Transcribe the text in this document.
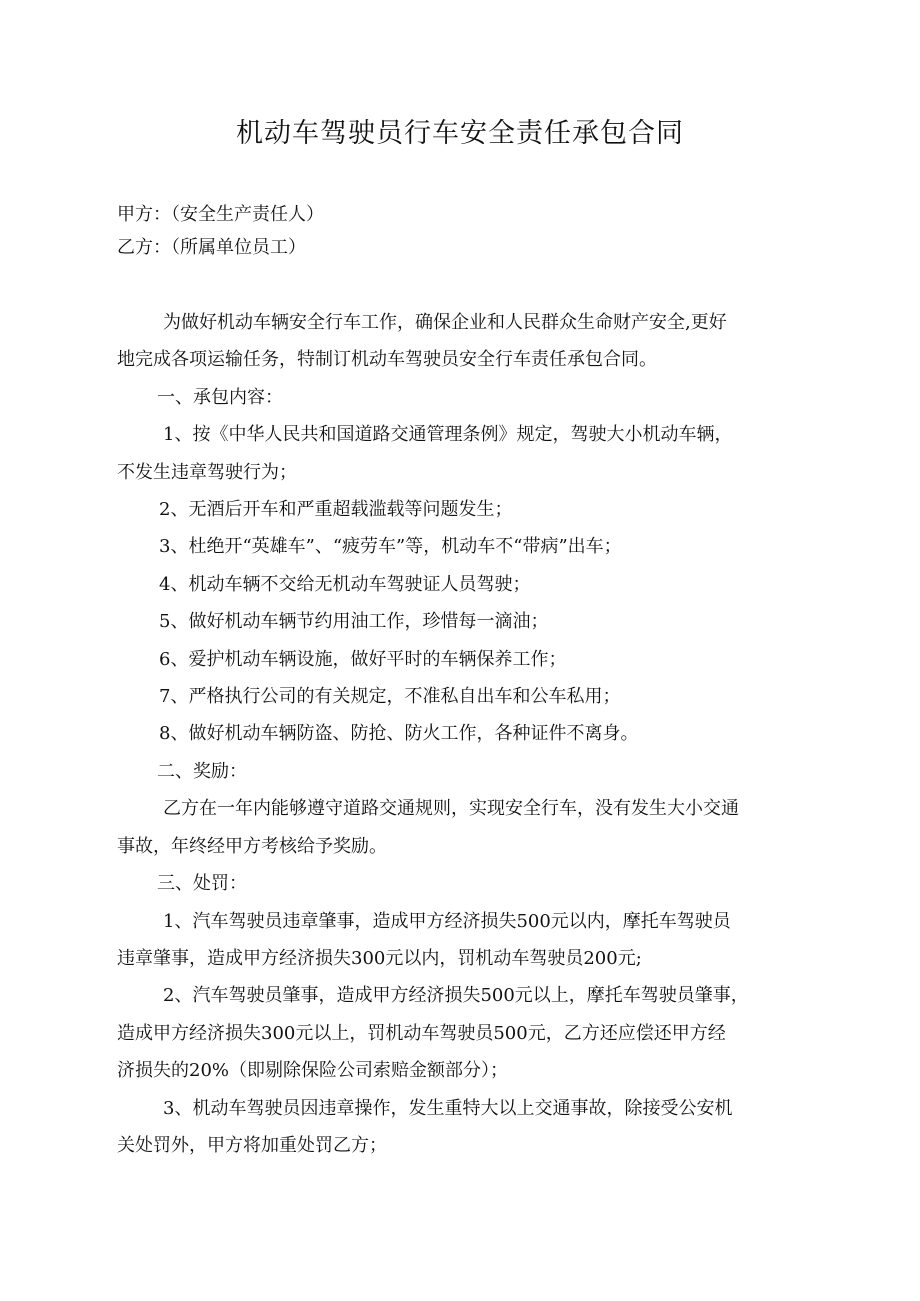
机动车驾驶员行车安全责任承包合同

甲方：（安全生产责任人）

乙方：（所属单位员工）

为做好机动车辆安全行车工作，确保企业和人民群众生命财产安全,更好

地完成各项运输任务，特制订机动车驾驶员安全行车责任承包合同。

一、承包内容：

1、按《中华人民共和国道路交通管理条例》规定，驾驶大小机动车辆，

不发生违章驾驶行为；

2、无酒后开车和严重超载滥载等问题发生；

3、杜绝开“英雄车”、“疲劳车”等，机动车不“带病”出车；

4、机动车辆不交给无机动车驾驶证人员驾驶；

5、做好机动车辆节约用油工作，珍惜每一滴油；

6、爱护机动车辆设施，做好平时的车辆保养工作；

7、严格执行公司的有关规定，不准私自出车和公车私用；

8、做好机动车辆防盗、防抢、防火工作，各种证件不离身。

二、奖励：

乙方在一年内能够遵守道路交通规则，实现安全行车，没有发生大小交通

事故，年终经甲方考核给予奖励。

三、处罚：

1、汽车驾驶员违章肇事，造成甲方经济损失500元以内，摩托车驾驶员

违章肇事，造成甲方经济损失300元以内，罚机动车驾驶员200元;

2、汽车驾驶员肇事，造成甲方经济损失500元以上，摩托车驾驶员肇事，

造成甲方经济损失300元以上，罚机动车驾驶员500元，乙方还应偿还甲方经

济损失的20%（即剔除保险公司索赔金额部分）；

3、机动车驾驶员因违章操作，发生重特大以上交通事故，除接受公安机

关处罚外，甲方将加重处罚乙方；
